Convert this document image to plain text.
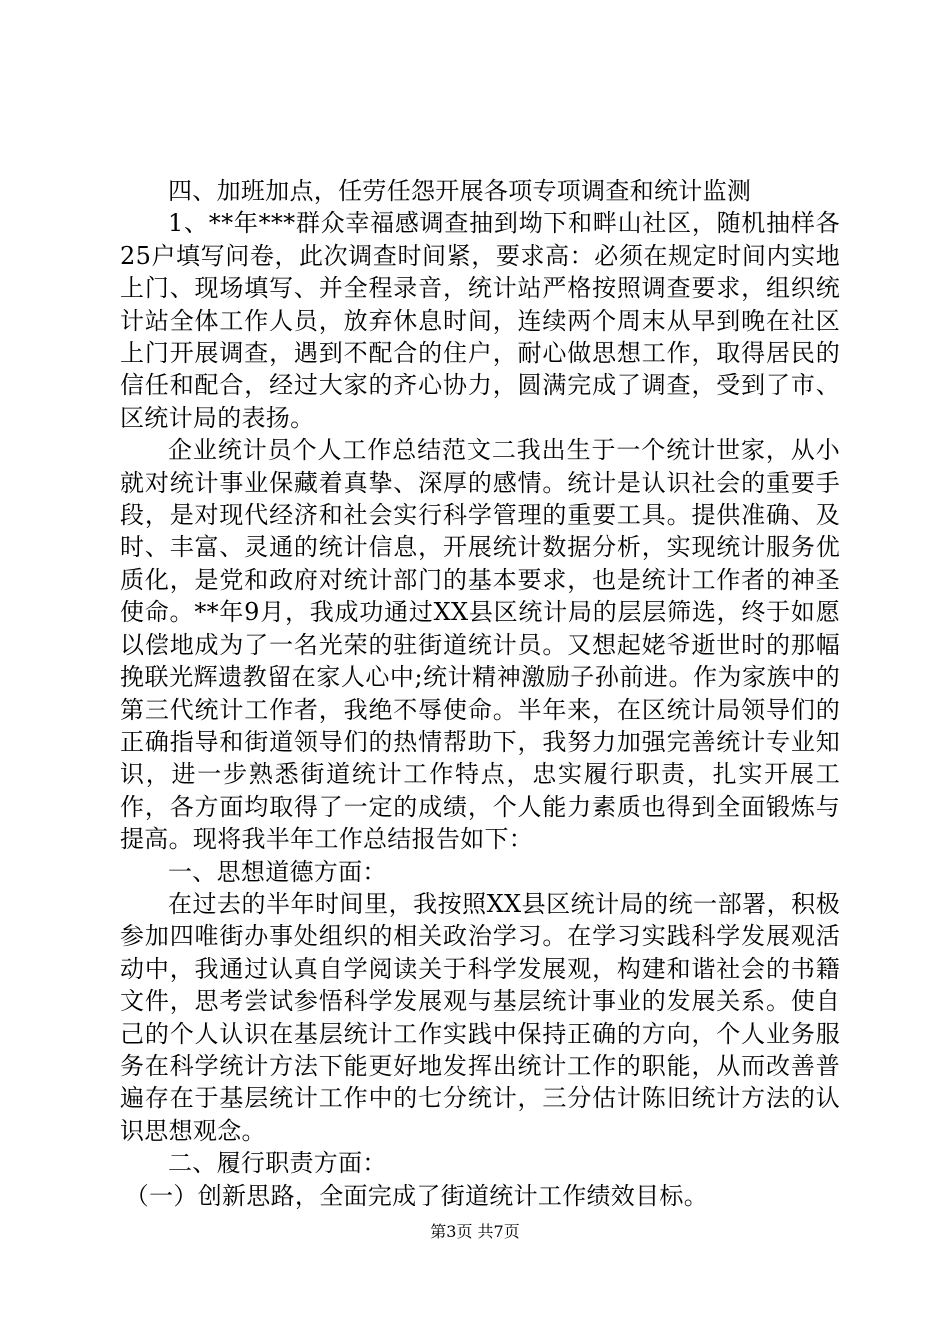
四、加班加点，任劳任怨开展各项专项调查和统计监测

1、**年***群众幸福感调查抽到坳下和畔山社区，随机抽样各25户填写问卷，此次调查时间紧，要求高：必须在规定时间内实地上门、现场填写、并全程录音，统计站严格按照调查要求，组织统计站全体工作人员，放弃休息时间，连续两个周末从早到晚在社区上门开展调查，遇到不配合的住户，耐心做思想工作，取得居民的信任和配合，经过大家的齐心协力，圆满完成了调查，受到了市、区统计局的表扬。

企业统计员个人工作总结范文二我出生于一个统计世家，从小就对统计事业保藏着真挚、深厚的感情。统计是认识社会的重要手段，是对现代经济和社会实行科学管理的重要工具。提供准确、及时、丰富、灵通的统计信息，开展统计数据分析，实现统计服务优质化，是党和政府对统计部门的基本要求，也是统计工作者的神圣使命。**年9月，我成功通过XX县区统计局的层层筛选，终于如愿以偿地成为了一名光荣的驻街道统计员。又想起姥爷逝世时的那幅挽联光辉遗教留在家人心中;统计精神激励子孙前进。作为家族中的第三代统计工作者，我绝不辱使命。半年来，在区统计局领导们的正确指导和街道领导们的热情帮助下，我努力加强完善统计专业知识，进一步熟悉街道统计工作特点，忠实履行职责，扎实开展工作，各方面均取得了一定的成绩，个人能力素质也得到全面锻炼与提高。现将我半年工作总结报告如下：

一、思想道德方面：

在过去的半年时间里，我按照XX县区统计局的统一部署，积极参加四唯街办事处组织的相关政治学习。在学习实践科学发展观活动中，我通过认真自学阅读关于科学发展观，构建和谐社会的书籍文件，思考尝试参悟科学发展观与基层统计事业的发展关系。使自己的个人认识在基层统计工作实践中保持正确的方向，个人业务服务在科学统计方法下能更好地发挥出统计工作的职能，从而改善普遍存在于基层统计工作中的七分统计，三分估计陈旧统计方法的认识思想观念。

二、履行职责方面：

（一）创新思路，全面完成了街道统计工作绩效目标。

第3页 共7页
